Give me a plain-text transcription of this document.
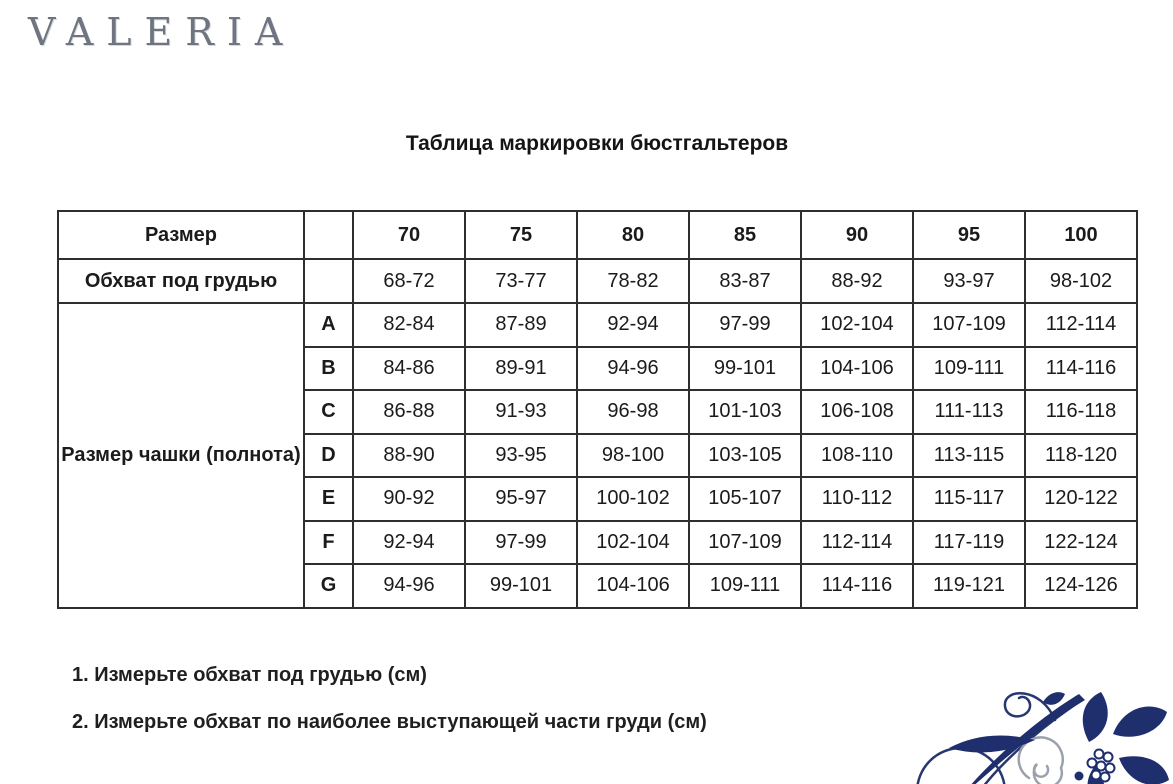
VALERIA
Таблица маркировки бюстгальтеров
Размер		70	75	80	85	90	95	100
Обхват под грудью		68-72	73-77	78-82	83-87	88-92	93-97	98-102
Размер чашки (полнота)	A	82-84	87-89	92-94	97-99	102-104	107-109	112-114
	B	84-86	89-91	94-96	99-101	104-106	109-111	114-116
	C	86-88	91-93	96-98	101-103	106-108	111-113	116-118
	D	88-90	93-95	98-100	103-105	108-110	113-115	118-120
	E	90-92	95-97	100-102	105-107	110-112	115-117	120-122
	F	92-94	97-99	102-104	107-109	112-114	117-119	122-124
	G	94-96	99-101	104-106	109-111	114-116	119-121	124-126

1. Измерьте обхват под грудью (см)

2. Измерьте обхват по наиболее выступающей части груди (см)
